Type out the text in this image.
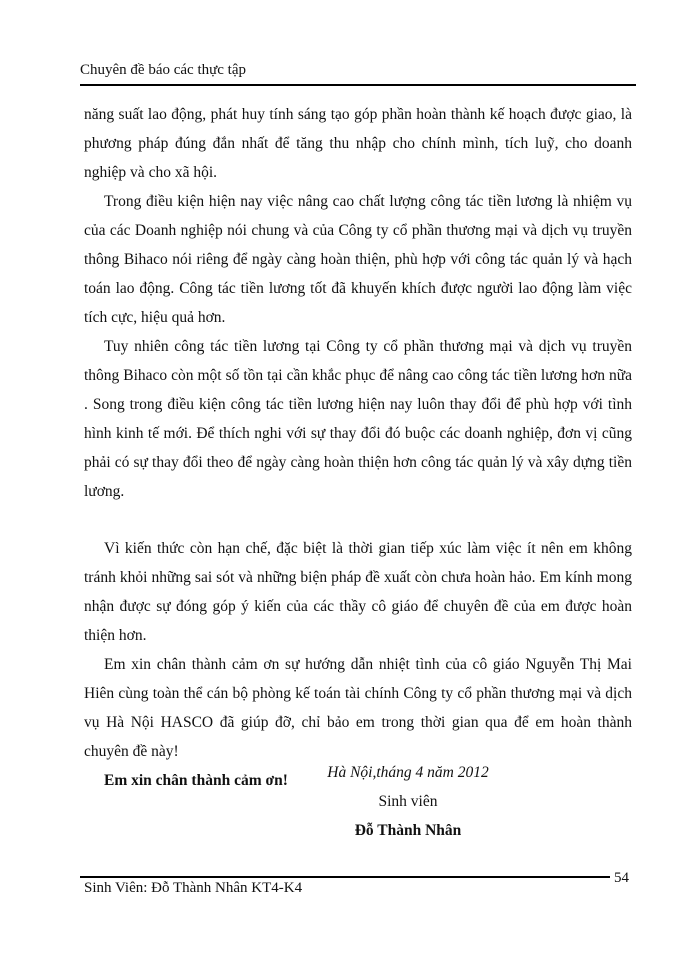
Chuyên đề báo các thực tập

năng suất lao động, phát huy tính sáng tạo góp phần hoàn thành kế hoạch được giao, là phương pháp đúng đắn nhất để tăng thu nhập cho chính mình, tích luỹ, cho doanh nghiệp và cho xã hội.

Trong điều kiện hiện nay việc nâng cao chất lượng công tác tiền lương là nhiệm vụ của các Doanh nghiệp nói chung và của Công ty cổ phần thương mại và dịch vụ truyền thông Bihaco nói riêng để ngày càng hoàn thiện, phù hợp với công tác quản lý và hạch toán lao động. Công tác tiền lương tốt đã khuyến khích được người lao động làm việc tích cực, hiệu quả hơn.

Tuy nhiên công tác tiền lương tại Công ty cổ phần thương mại và dịch vụ truyền thông Bihaco còn một số tồn tại cần khắc phục để nâng cao công tác tiền lương hơn nữa . Song trong điều kiện công tác tiền lương hiện nay luôn thay đổi để phù hợp với tình hình kinh tế mới. Để thích nghi với sự thay đổi đó buộc các doanh nghiệp, đơn vị cũng phải có sự thay đổi theo để ngày càng hoàn thiện hơn công tác quản lý và xây dựng tiền lương.

Vì kiến thức còn hạn chế, đặc biệt là thời gian tiếp xúc làm việc ít nên em không tránh khỏi những sai sót và những biện pháp đề xuất còn chưa hoàn hảo. Em kính mong nhận được sự đóng góp ý kiến của các thầy cô giáo để chuyên đề của em được hoàn thiện hơn.

Em xin chân thành cảm ơn sự hướng dẫn nhiệt tình của cô giáo Nguyễn Thị Mai Hiên cùng toàn thể cán bộ phòng kế toán tài chính Công ty cổ phần thương mại và dịch vụ Hà Nội HASCO đã giúp đỡ, chỉ bảo em trong thời gian qua để em hoàn thành chuyên đề này!

Em xin chân thành cảm ơn!	Hà Nội,tháng 4 năm 2012
Sinh viên
Đỗ Thành Nhân
Sinh Viên: Đỗ Thành Nhân KT4-K4
54
